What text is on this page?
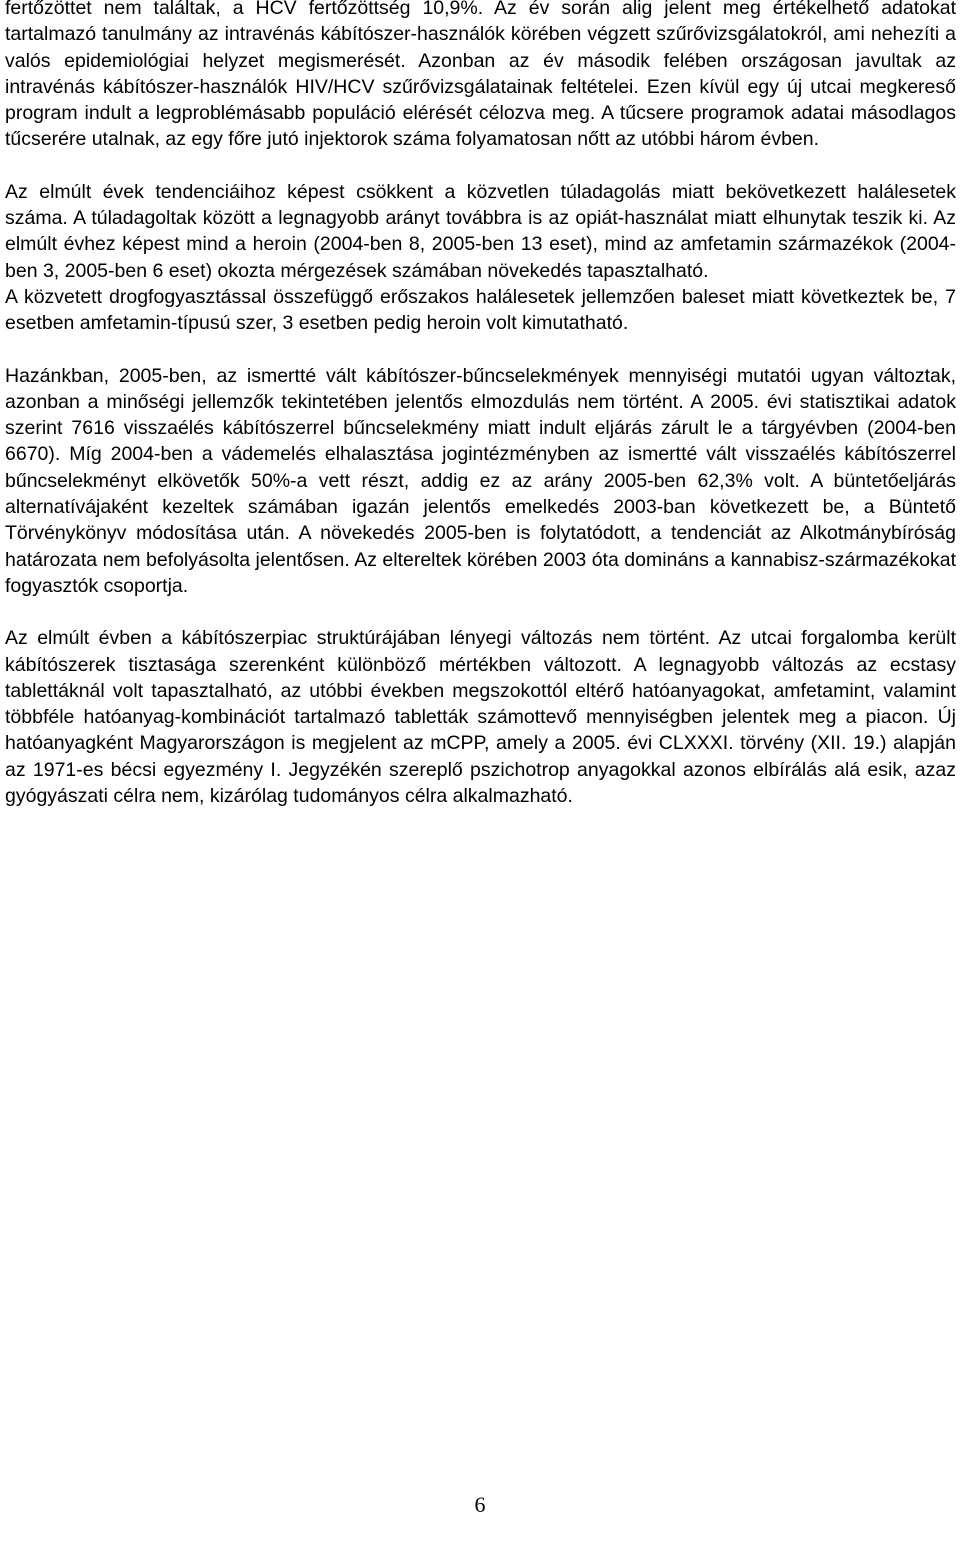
fertőzöttet nem találtak, a HCV fertőzöttség 10,9%. Az év során alig jelent meg értékelhető adatokat tartalmazó tanulmány az intravénás kábítószer-használók körében végzett szűrővizsgálatokról, ami nehezíti a valós epidemiológiai helyzet megismerését. Azonban az év második felében országosan javultak az intravénás kábítószer-használók HIV/HCV szűrővizsgálatainak feltételei. Ezen kívül egy új utcai megkereső program indult a legproblémásabb populáció elérését célozva meg. A tűcsere programok adatai másodlagos tűcserére utalnak, az egy főre jutó injektorok száma folyamatosan nőtt az utóbbi három évben.

Az elmúlt évek tendenciáihoz képest csökkent a közvetlen túladagolás miatt bekövetkezett halálesetek száma. A túladagoltak között a legnagyobb arányt továbbra is az opiát-használat miatt elhunytak teszik ki. Az elmúlt évhez képest mind a heroin (2004-ben 8, 2005-ben 13 eset), mind az amfetamin származékok (2004-ben 3, 2005-ben 6 eset) okozta mérgezések számában növekedés tapasztalható.

A közvetett drogfogyasztással összefüggő erőszakos halálesetek jellemzően baleset miatt következtek be, 7 esetben amfetamin-típusú szer, 3 esetben pedig heroin volt kimutatható.

Hazánkban, 2005-ben, az ismertté vált kábítószer-bűncselekmények mennyiségi mutatói ugyan változtak, azonban a minőségi jellemzők tekintetében jelentős elmozdulás nem történt. A 2005. évi statisztikai adatok szerint 7616 visszaélés kábítószerrel bűncselekmény miatt indult eljárás zárult le a tárgyévben (2004-ben 6670). Míg 2004-ben a vádemelés elhalasztása jogintézményben az ismertté vált visszaélés kábítószerrel bűncselekményt elkövetők 50%-a vett részt, addig ez az arány 2005-ben 62,3% volt. A büntetőeljárás alternatívájaként kezeltek számában igazán jelentős emelkedés 2003-ban következett be, a Büntető Törvénykönyv módosítása után. A növekedés 2005-ben is folytatódott, a tendenciát az Alkotmánybíróság határozata nem befolyásolta jelentősen. Az eltereltek körében 2003 óta domináns a kannabisz-származékokat fogyasztók csoportja.

Az elmúlt évben a kábítószerpiac struktúrájában lényegi változás nem történt. Az utcai forgalomba került kábítószerek tisztasága szerenként különböző mértékben változott. A legnagyobb változás az ecstasy tablettáknál volt tapasztalható, az utóbbi években megszokottól eltérő hatóanyagokat, amfetamint, valamint többféle hatóanyag-kombinációt tartalmazó tabletták számottevő mennyiségben jelentek meg a piacon. Új hatóanyagként Magyarországon is megjelent az mCPP, amely a 2005. évi CLXXXI. törvény (XII. 19.) alapján az 1971-es bécsi egyezmény I. Jegyzékén szereplő pszichotrop anyagokkal azonos elbírálás alá esik, azaz gyógyászati célra nem, kizárólag tudományos célra alkalmazható.

6
